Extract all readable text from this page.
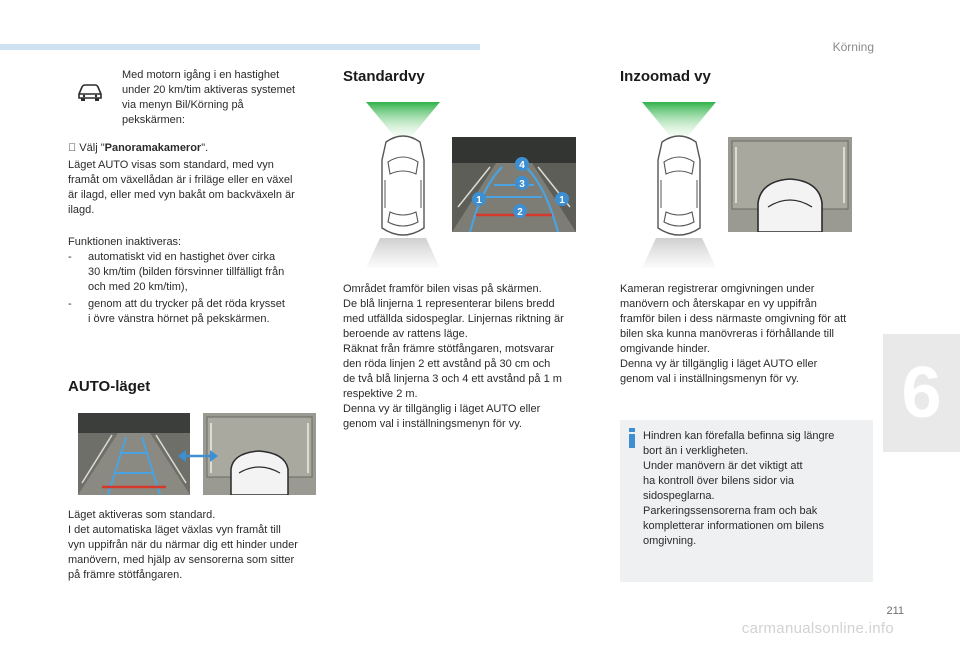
Körning
Med motorn igång i en hastighet
under 20 km/tim aktiveras systemet
via menyn Bil/Körning på
pekskärmen:
Välj "Panoramakameror".
Läget AUTO visas som standard, med vyn
framåt om växellådan är i friläge eller en växel
är ilagd, eller med vyn bakåt om backväxeln är
ilagd.
Funktionen inaktiveras:
-	automatiskt vid en hastighet över cirka
30 km/tim (bilden försvinner tillfälligt från
och med 20 km/tim),
-	genom att du trycker på det röda krysset
i övre vänstra hörnet på pekskärmen.
AUTO-läget
Läget aktiveras som standard.
I det automatiska läget växlas vyn framåt till
vyn uppifrån när du närmar dig ett hinder under
manövern, med hjälp av sensorerna som sitter
på främre stötfångaren.
Standardvy
4
3
1
2
1
Området framför bilen visas på skärmen.
De blå linjerna 1 representerar bilens bredd
med utfällda sidospeglar. Linjernas riktning är
beroende av rattens läge.
Räknat från främre stötfångaren, motsvarar
den röda linjen 2 ett avstånd på 30 cm och
de två blå linjerna 3 och 4 ett avstånd på 1 m
respektive 2 m.
Denna vy är tillgänglig i läget AUTO eller
genom val i inställningsmenyn för vy.
Inzoomad vy
Kameran registrerar omgivningen under
manövern och återskapar en vy uppifrån
framför bilen i dess närmaste omgivning för att
bilen ska kunna manövreras i förhållande till
omgivande hinder.
Denna vy är tillgänglig i läget AUTO eller
genom val i inställningsmenyn för vy.
Hindren kan förefalla befinna sig längre
bort än i verkligheten.
Under manövern är det viktigt att
ha kontroll över bilens sidor via
sidospeglarna.
Parkeringssensorerna fram och bak
kompletterar informationen om bilens
omgivning.
6
211
carmanualsonline.info
